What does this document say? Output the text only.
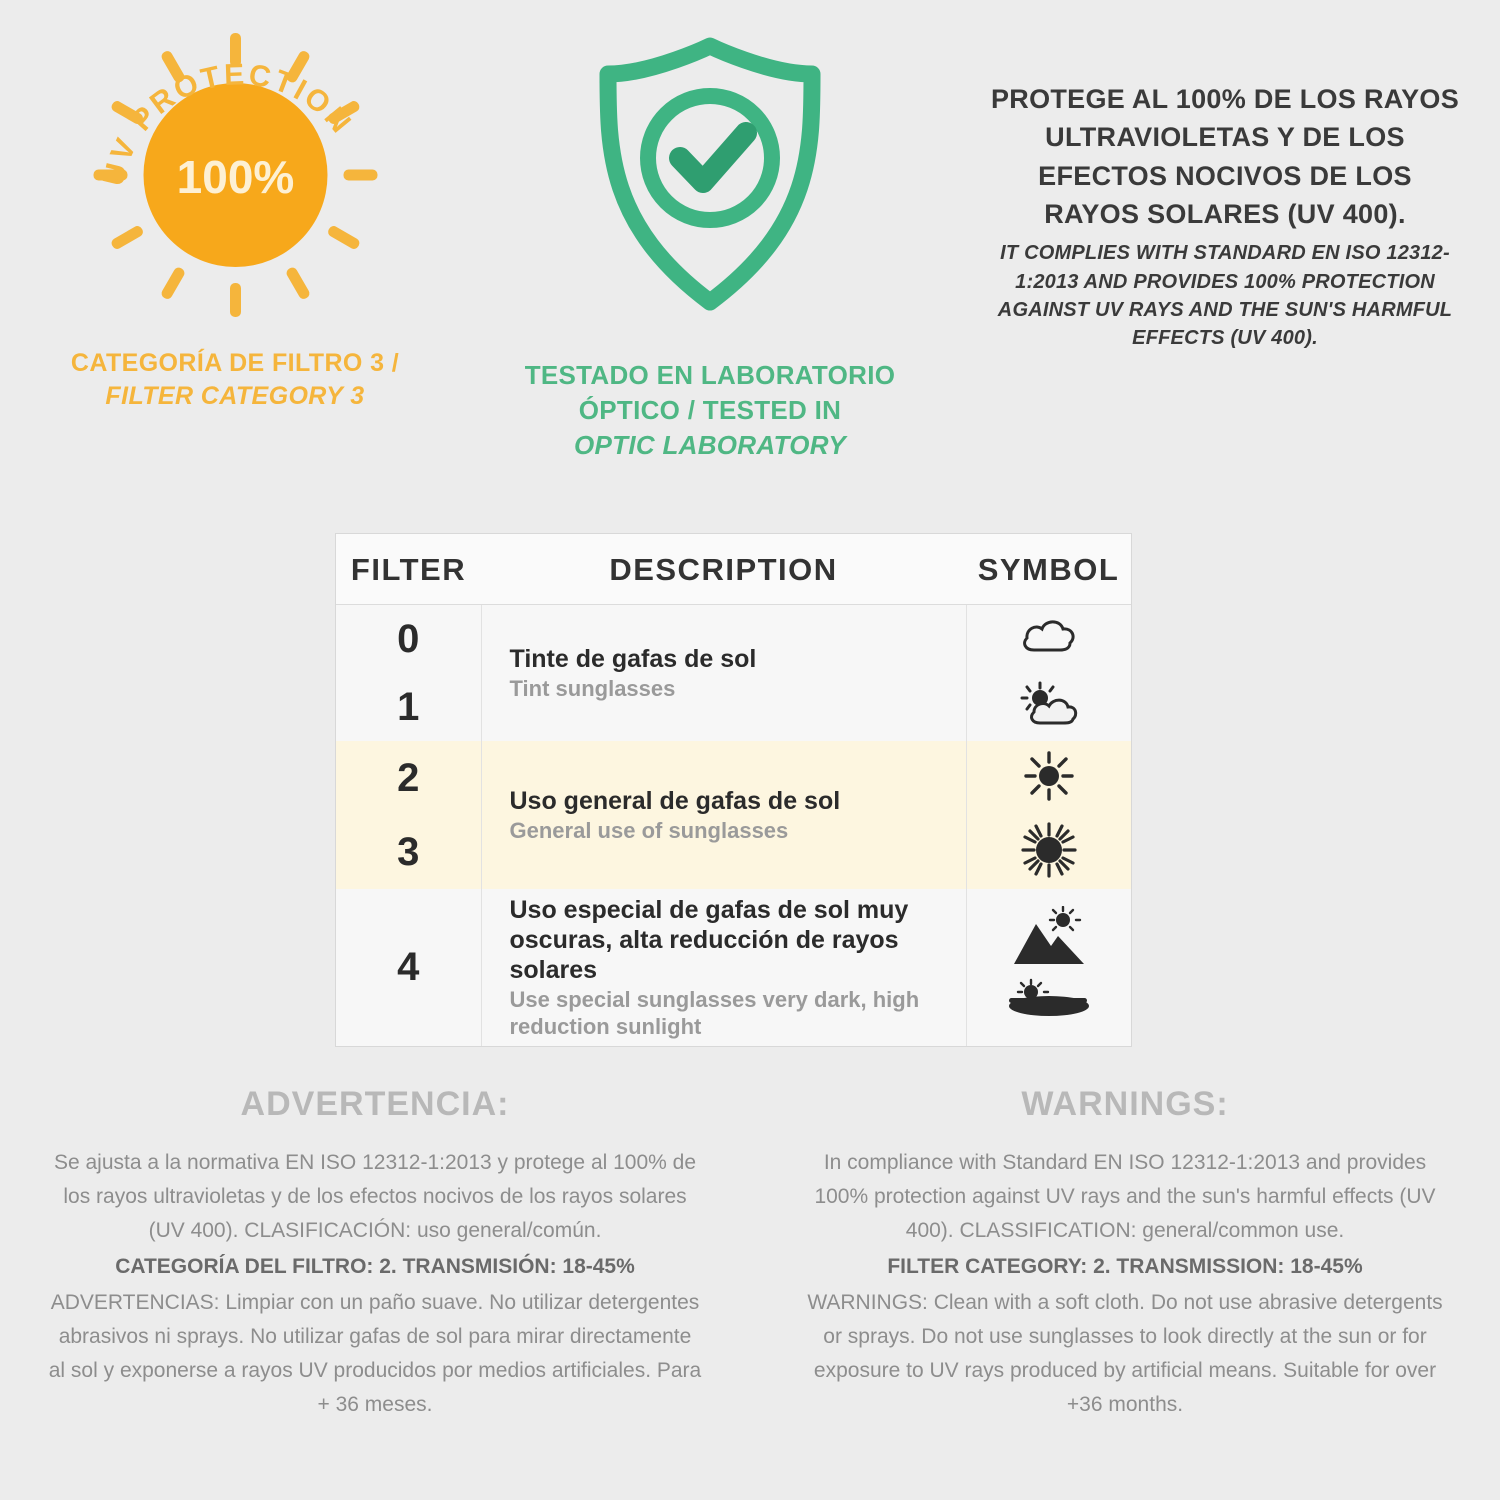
100%
UV PROTECTION
CATEGORÍA DE FILTRO 3 /
FILTER CATEGORY 3
TESTADO EN LABORATORIO
ÓPTICO / TESTED IN
OPTIC LABORATORY
PROTEGE AL 100% DE LOS RAYOS ULTRAVIOLETAS Y DE LOS EFECTOS NOCIVOS DE LOS RAYOS SOLARES (UV 400).
IT COMPLIES WITH STANDARD EN ISO 12312-1:2013 AND PROVIDES 100% PROTECTION AGAINST UV RAYS AND THE SUN'S HARMFUL EFFECTS (UV 400).
FILTER	DESCRIPTION	SYMBOL
0	Tinte de gafas de sol
Tint sunglasses

1	
2	Uso general de gafas de sol
General use of sunglasses

3	
4	Uso especial de gafas de sol muy oscuras, alta reducción de rayos solares
Use special sunglasses very dark, high reduction sunlight

ADVERTENCIA:

Se ajusta a la normativa EN ISO 12312-1:2013 y protege al 100% de los rayos ultravioletas y de los efectos nocivos de los rayos solares (UV 400). CLASIFICACIÓN: uso general/común.

CATEGORÍA DEL FILTRO: 2. TRANSMISIÓN: 18-45%

ADVERTENCIAS: Limpiar con un paño suave. No utilizar detergentes abrasivos ni sprays. No utilizar gafas de sol para mirar directamente al sol y exponerse a rayos UV producidos por medios artificiales. Para + 36 meses.

WARNINGS:

In compliance with Standard EN ISO 12312-1:2013 and provides 100% protection against UV rays and the sun's harmful effects (UV 400). CLASSIFICATION: general/common use.

FILTER CATEGORY: 2. TRANSMISSION: 18-45%

WARNINGS: Clean with a soft cloth. Do not use abrasive detergents or sprays. Do not use sunglasses to look directly at the sun or for exposure to UV rays produced by artificial means. Suitable for over +36 months.
